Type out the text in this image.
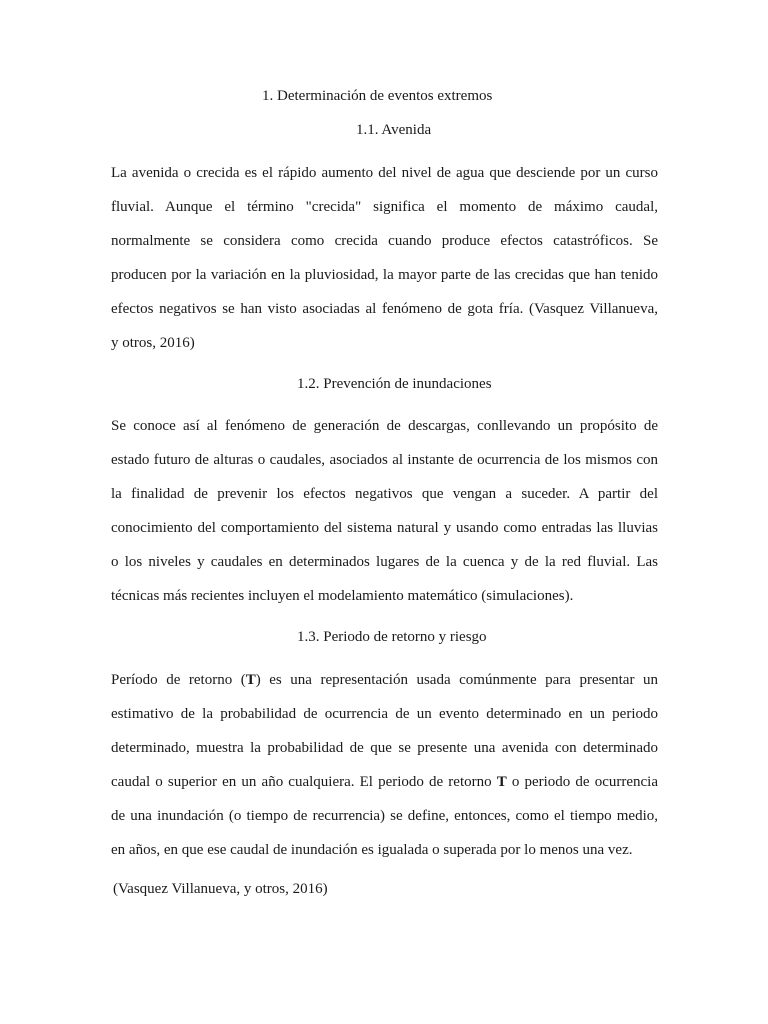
1. Determinación de eventos extremos
1.1. Avenida
La avenida o crecida es el rápido aumento del nivel de agua que desciende por un curso
fluvial. Aunque el término "crecida" significa el momento de máximo caudal,
normalmente se considera como crecida cuando produce efectos catastróficos. Se
producen por la variación en la pluviosidad, la mayor parte de las crecidas que han tenido
efectos negativos se han visto asociadas al fenómeno de gota fría. (Vasquez Villanueva,
y otros, 2016)
1.2. Prevención de inundaciones
Se conoce así al fenómeno de generación de descargas, conllevando un propósito de
estado futuro de alturas o caudales, asociados al instante de ocurrencia de los mismos con
la finalidad de prevenir los efectos negativos que vengan a suceder. A partir del
conocimiento del comportamiento del sistema natural y usando como entradas las lluvias
o los niveles y caudales en determinados lugares de la cuenca y de la red fluvial. Las
técnicas más recientes incluyen el modelamiento matemático (simulaciones).
1.3. Periodo de retorno y riesgo
Período de retorno (T) es una representación usada comúnmente para presentar un
estimativo de la probabilidad de ocurrencia de un evento determinado en un periodo
determinado, muestra la probabilidad de que se presente una avenida con determinado
caudal o superior en un año cualquiera. El periodo de retorno T o periodo de ocurrencia
de una inundación (o tiempo de recurrencia) se define, entonces, como el tiempo medio,
en años, en que ese caudal de inundación es igualada o superada por lo menos una vez.
(Vasquez Villanueva, y otros, 2016)
